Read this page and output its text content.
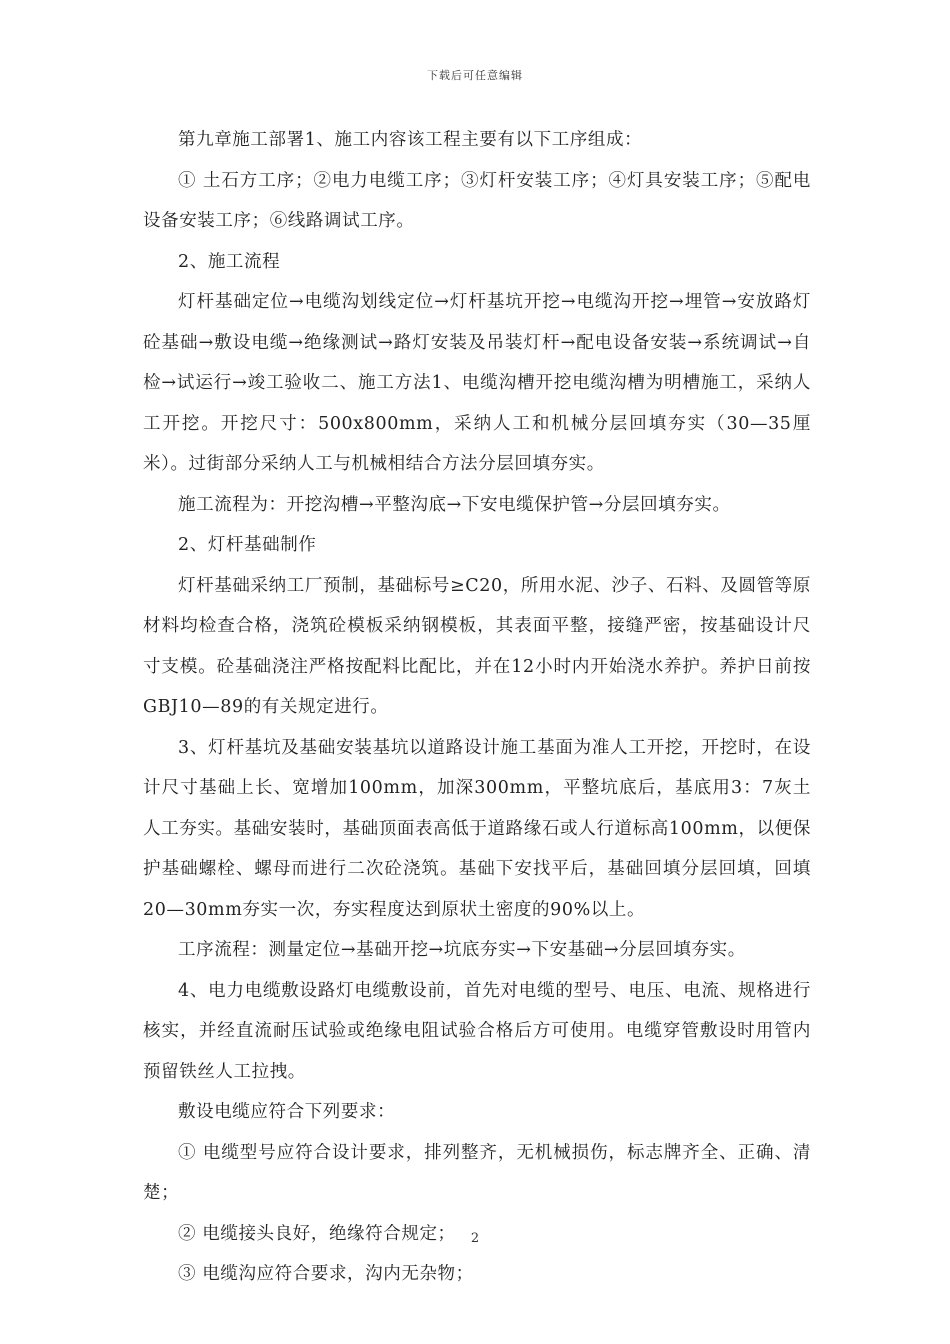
下载后可任意编辑

第九章施工部署1、施工内容该工程主要有以下工序组成：

① 土石方工序；②电力电缆工序；③灯杆安装工序；④灯具安装工序；⑤配电设备安装工序；⑥线路调试工序。

2、施工流程

灯杆基础定位→电缆沟划线定位→灯杆基坑开挖→电缆沟开挖→埋管→安放路灯砼基础→敷设电缆→绝缘测试→路灯安装及吊装灯杆→配电设备安装→系统调试→自检→试运行→竣工验收二、施工方法1、电缆沟槽开挖电缆沟槽为明槽施工，采纳人工开挖。开挖尺寸：500x800mm，采纳人工和机械分层回填夯实（30—35厘米）。过街部分采纳人工与机械相结合方法分层回填夯实。

施工流程为：开挖沟槽→平整沟底→下安电缆保护管→分层回填夯实。

2、灯杆基础制作

灯杆基础采纳工厂预制，基础标号≥C20，所用水泥、沙子、石料、及圆管等原材料均检查合格，浇筑砼模板采纳钢模板，其表面平整，接缝严密，按基础设计尺寸支模。砼基础浇注严格按配料比配比，并在12小时内开始浇水养护。养护日前按GBJ10—89的有关规定进行。

3、灯杆基坑及基础安装基坑以道路设计施工基面为准人工开挖，开挖时，在设计尺寸基础上长、宽增加100mm，加深300mm，平整坑底后，基底用3：7灰土人工夯实。基础安装时，基础顶面表高低于道路缘石或人行道标高100mm，以便保护基础螺栓、螺母而进行二次砼浇筑。基础下安找平后，基础回填分层回填，回填20—30mm夯实一次，夯实程度达到原状土密度的90%以上。

工序流程：测量定位→基础开挖→坑底夯实→下安基础→分层回填夯实。

4、电力电缆敷设路灯电缆敷设前，首先对电缆的型号、电压、电流、规格进行核实，并经直流耐压试验或绝缘电阻试验合格后方可使用。电缆穿管敷设时用管内预留铁丝人工拉拽。

敷设电缆应符合下列要求：

① 电缆型号应符合设计要求，排列整齐，无机械损伤，标志牌齐全、正确、清楚；

② 电缆接头良好，绝缘符合规定；

③ 电缆沟应符合要求，沟内无杂物；

2
